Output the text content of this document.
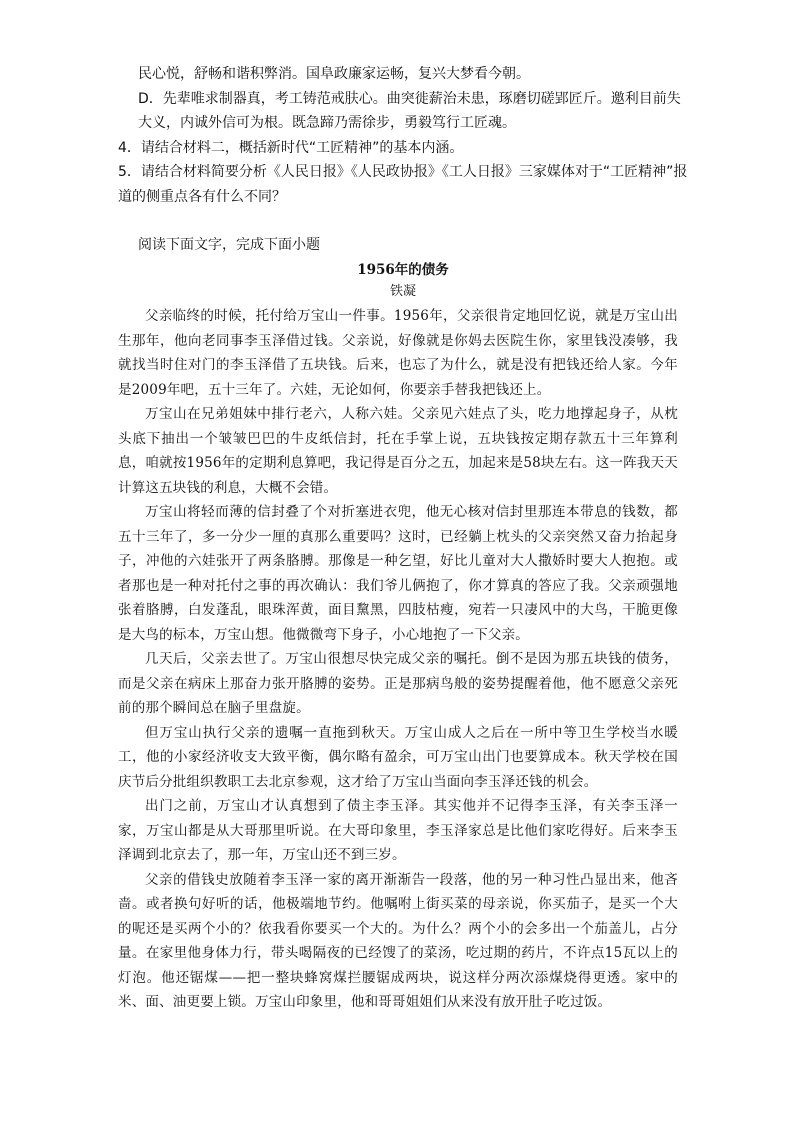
民心悦，舒畅和谐积弊消。国阜政廉家运畅，复兴大梦看今朝。

D．先辈唯求制器真，考工铸范戒肤心。曲突徙薪治未患，琢磨切磋郢匠斤。邀利目前失大义，内诚外信可为根。既急蹄乃需徐步，勇毅笃行工匠魂。

4．请结合材料二，概括新时代“工匠精神”的基本内涵。

5．请结合材料简要分析《人民日报》《人民政协报》《工人日报》三家媒体对于“工匠精神”报道的侧重点各有什么不同？

阅读下面文字，完成下面小题
1956年的债务
铁凝

父亲临终的时候，托付给万宝山一件事。1956年，父亲很肯定地回忆说，就是万宝山出生那年，他向老同事李玉泽借过钱。父亲说，好像就是你妈去医院生你，家里钱没凑够，我就找当时住对门的李玉泽借了五块钱。后来，也忘了为什么，就是没有把钱还给人家。今年是2009年吧，五十三年了。六娃，无论如何，你要亲手替我把钱还上。

万宝山在兄弟姐妹中排行老六，人称六娃。父亲见六娃点了头，吃力地撑起身子，从枕头底下抽出一个皱皱巴巴的牛皮纸信封，托在手掌上说，五块钱按定期存款五十三年算利息，咱就按1956年的定期利息算吧，我记得是百分之五，加起来是58块左右。这一阵我天天计算这五块钱的利息，大概不会错。

万宝山将轻而薄的信封叠了个对折塞进衣兜，他无心核对信封里那连本带息的钱数，都五十三年了，多一分少一厘的真那么重要吗？这时，已经躺上枕头的父亲突然又奋力抬起身子，冲他的六娃张开了两条胳膊。那像是一种乞望，好比儿童对大人撒娇时要大人抱抱。或者那也是一种对托付之事的再次确认：我们爷儿俩抱了，你才算真的答应了我。父亲顽强地张着胳膊，白发蓬乱，眼珠浑黄，面目黧黑，四肢枯瘦，宛若一只凄风中的大鸟，干脆更像是大鸟的标本，万宝山想。他微微弯下身子，小心地抱了一下父亲。

几天后，父亲去世了。万宝山很想尽快完成父亲的嘱托。倒不是因为那五块钱的债务，而是父亲在病床上那奋力张开胳膊的姿势。正是那病鸟般的姿势提醒着他，他不愿意父亲死前的那个瞬间总在脑子里盘旋。

但万宝山执行父亲的遗嘱一直拖到秋天。万宝山成人之后在一所中等卫生学校当水暖工，他的小家经济收支大致平衡，偶尔略有盈余，可万宝山出门也要算成本。秋天学校在国庆节后分批组织教职工去北京参观，这才给了万宝山当面向李玉泽还钱的机会。

出门之前，万宝山才认真想到了债主李玉泽。其实他并不记得李玉泽，有关李玉泽一家，万宝山都是从大哥那里听说。在大哥印象里，李玉泽家总是比他们家吃得好。后来李玉泽调到北京去了，那一年，万宝山还不到三岁。

父亲的借钱史放随着李玉泽一家的离开渐渐告一段落，他的另一种习性凸显出来，他吝啬。或者换句好听的话，他极端地节约。他嘱咐上街买菜的母亲说，你买茄子，是买一个大的呢还是买两个小的？依我看你要买一个大的。为什么？两个小的会多出一个茄盖儿，占分量。在家里他身体力行，带头喝隔夜的已经馊了的菜汤，吃过期的药片，不许点15瓦以上的灯泡。他还锯煤——把一整块蜂窝煤拦腰锯成两块，说这样分两次添煤烧得更透。家中的米、面、油更要上锁。万宝山印象里，他和哥哥姐姐们从来没有放开肚子吃过饭。
